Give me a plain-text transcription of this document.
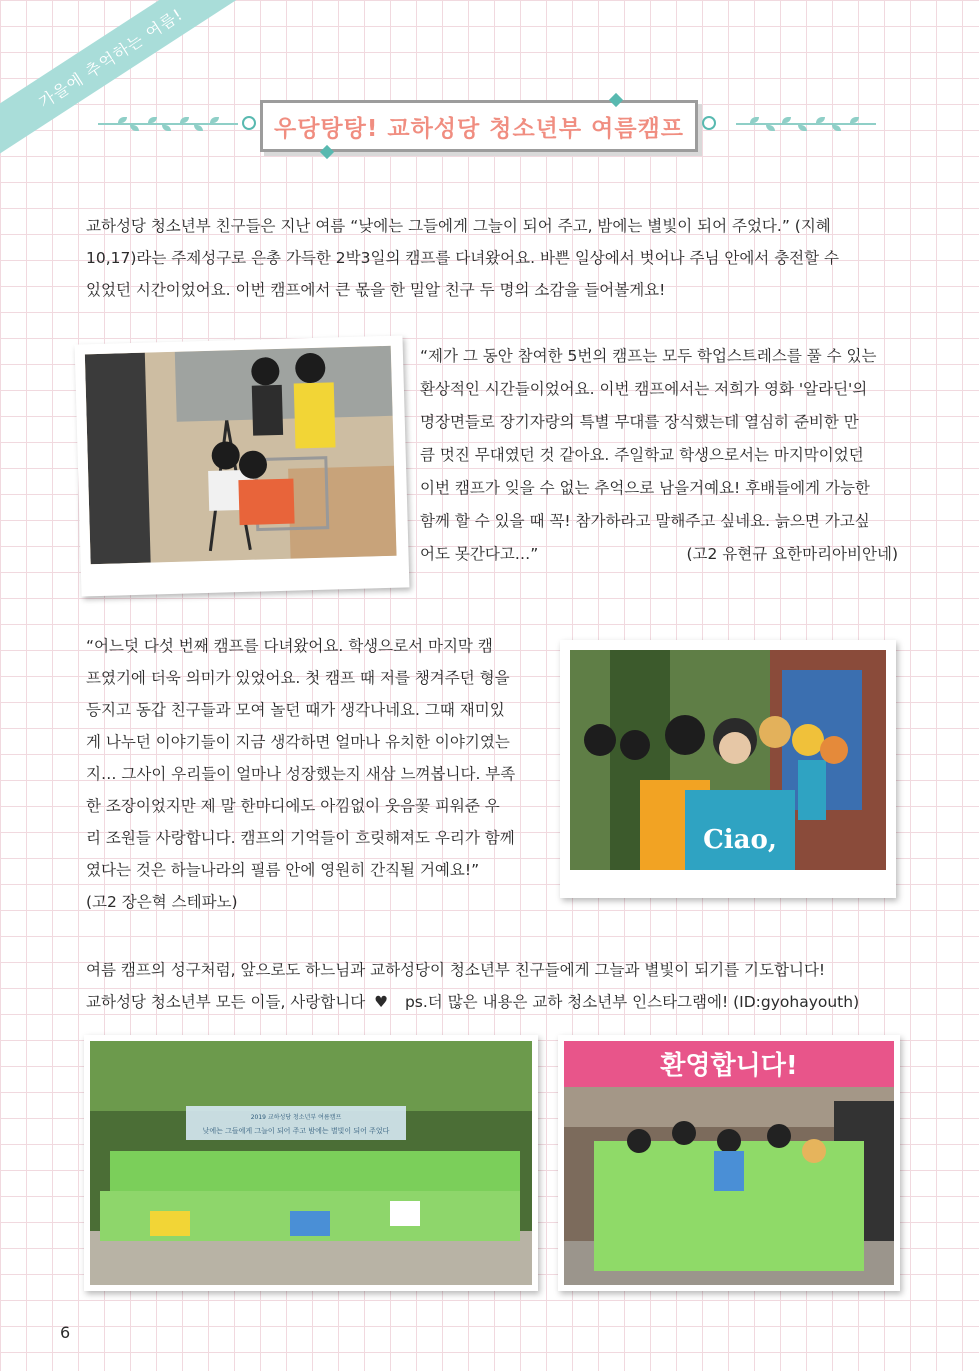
가을에 추억하는 여름!
우당탕탕! 교하성당 청소년부 여름캠프
교하성당 청소년부 친구들은 지난 여름 “낮에는 그들에게 그늘이 되어 주고, 밤에는 별빛이 되어 주었다.” (지혜
10,17)라는 주제성구로 은총 가득한 2박3일의 캠프를 다녀왔어요. 바쁜 일상에서 벗어나 주님 안에서 충전할 수
있었던 시간이었어요. 이번 캠프에서 큰 몫을 한 밀알 친구 두 명의 소감을 들어볼게요!
“제가 그 동안 참여한 5번의 캠프는 모두 학업스트레스를 풀 수 있는
환상적인 시간들이었어요. 이번 캠프에서는 저희가 영화 '알라딘'의
명장면들로 장기자랑의 특별 무대를 장식했는데 열심히 준비한 만
큼 멋진 무대였던 것 같아요. 주일학교 학생으로서는 마지막이었던
이번 캠프가 잊을 수 없는 추억으로 남을거예요! 후배들에게 가능한
함께 할 수 있을 때 꼭! 참가하라고 말해주고 싶네요. 늙으면 가고싶
어도 못간다고…”	(고2 유현규 요한마리아비안네)
“어느덧 다섯 번째 캠프를 다녀왔어요. 학생으로서 마지막 캠
프였기에 더욱 의미가 있었어요. 첫 캠프 때 저를 챙겨주던 형을
등지고 동갑 친구들과 모여 놀던 때가 생각나네요. 그때 재미있
게 나누던 이야기들이 지금 생각하면 얼마나 유치한 이야기였는
지… 그사이 우리들이 얼마나 성장했는지 새삼 느껴봅니다. 부족
한 조장이었지만 제 말 한마디에도 아낌없이 웃음꽃 피워준 우
리 조원들 사랑합니다. 캠프의 기억들이 흐릿해져도 우리가 함께
였다는 것은 하늘나라의 필름 안에 영원히 간직될 거예요!”
(고2 장은혁 스테파노)
Ciao,
여름 캠프의 성구처럼, 앞으로도 하느님과 교하성당이 청소년부 친구들에게 그늘과 별빛이 되기를 기도합니다!
교하성당 청소년부 모든 이들, 사랑합니다 ♥ ps.더 많은 내용은 교하 청소년부 인스타그램에! (ID:gyohayouth)
2019 교하성당 청소년부 여름캠프
낮에는 그들에게 그늘이 되어 주고 밤에는 별빛이 되어 주었다
환영합니다!
6
